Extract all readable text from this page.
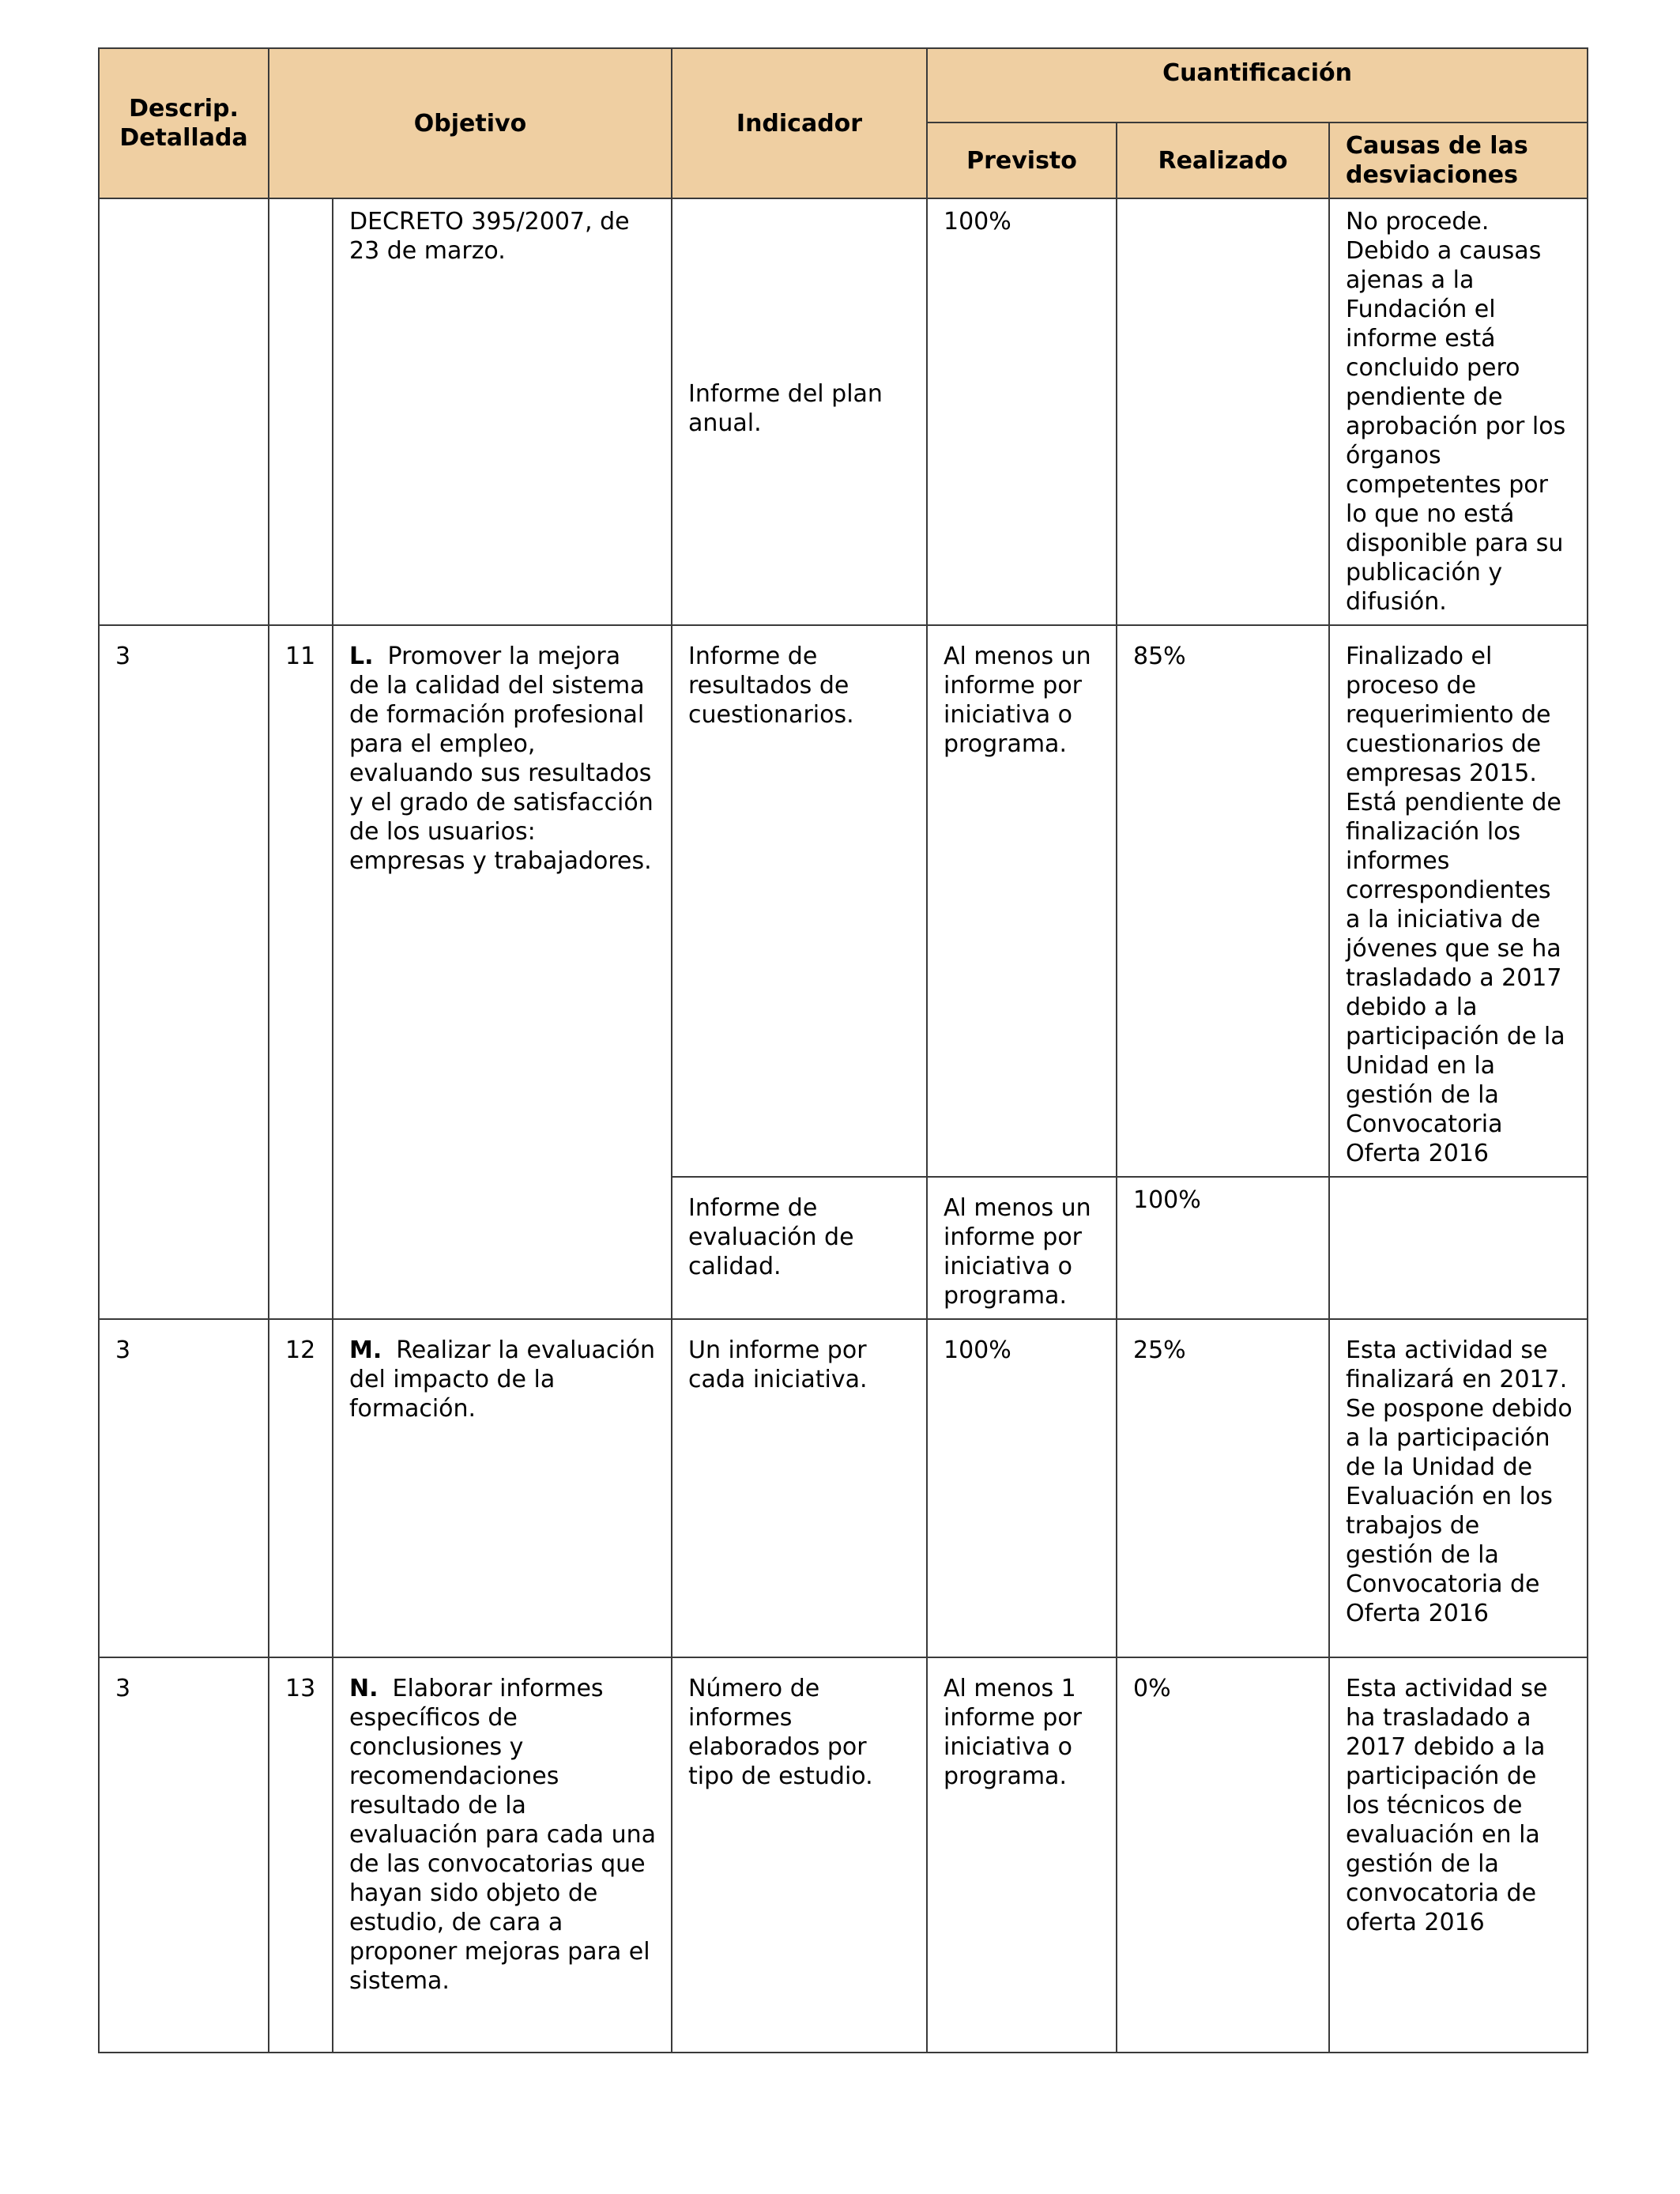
Descrip. Detallada	Objetivo		Indicador	Cuantificación		
				Previsto	Realizado	Causas de las desviaciones
		DECRETO 395/2007, de 23 de marzo.	Informe del plan anual.	100%		No procede. Debido a causas ajenas a la Fundación el informe está concluido pero pendiente de aprobación por los órganos competentes por lo que no está disponible para su publicación y difusión.
3	11	L. Promover la mejora de la calidad del sistema de formación profesional para el empleo, evaluando sus resultados y el grado de satisfacción de los usuarios: empresas y trabajadores.	Informe de resultados de cuestionarios.	Al menos un informe por iniciativa o programa.	85%	Finalizado el proceso de requerimiento de cuestionarios de empresas 2015. Está pendiente de finalización los informes correspondientes a la iniciativa de jóvenes que se ha trasladado a 2017 debido a la participación de la Unidad en la gestión de la Convocatoria Oferta 2016
			Informe de evaluación de calidad.	Al menos un informe por iniciativa o programa.	100%	
3	12	M. Realizar la evaluación del impacto de la formación.	Un informe por cada iniciativa.	100%	25%	Esta actividad se finalizará en 2017. Se pospone debido a la participación de la Unidad de Evaluación en los trabajos de gestión de la Convocatoria de Oferta 2016
3	13	N. Elaborar informes específicos de conclusiones y recomendaciones resultado de la evaluación para cada una de las convocatorias que hayan sido objeto de estudio, de cara a proponer mejoras para el sistema.	Número de informes elaborados por tipo de estudio.	Al menos 1 informe por iniciativa o programa.	0%	Esta actividad se ha trasladado a 2017 debido a la participación de los técnicos de evaluación en la gestión de la convocatoria de oferta 2016
